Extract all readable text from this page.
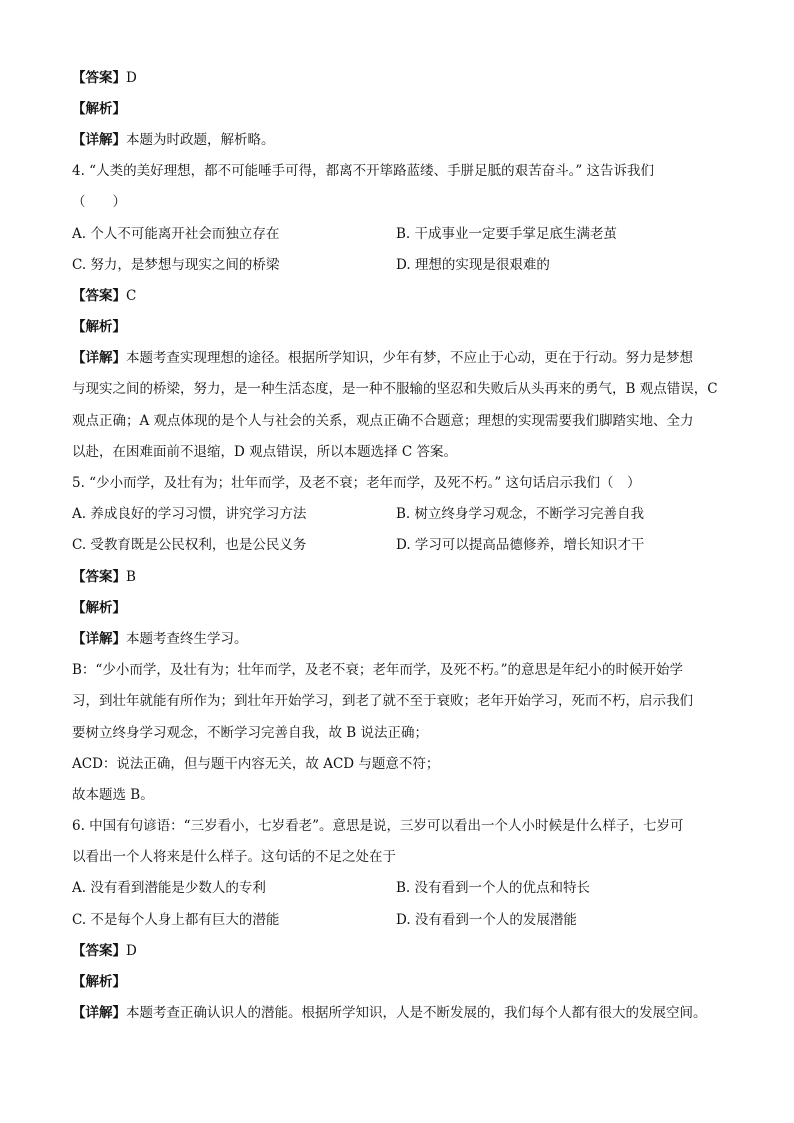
【答案】D

【解析】

【详解】本题为时政题，解析略。

4. “人类的美好理想，都不可能唾手可得，都离不开筚路蓝缕、手胼足胝的艰苦奋斗。” 这告诉我们

（　　）

A. 个人不可能离开社会而独立存在	B. 干成事业一定要手掌足底生满老茧

C. 努力，是梦想与现实之间的桥梁	D. 理想的实现是很艰难的

【答案】C

【解析】

【详解】本题考查实现理想的途径。根据所学知识，少年有梦，不应止于心动，更在于行动。努力是梦想

与现实之间的桥梁，努力，是一种生活态度，是一种不服输的坚忍和失败后从头再来的勇气，B 观点错误，C

观点正确；A 观点体现的是个人与社会的关系，观点正确不合题意；理想的实现需要我们脚踏实地、全力

以赴，在困难面前不退缩，D 观点错误，所以本题选择 C 答案。

5. “少小而学，及壮有为；壮年而学，及老不衰；老年而学，及死不朽。” 这句话启示我们（　）

A. 养成良好的学习习惯，讲究学习方法	B. 树立终身学习观念，不断学习完善自我

C. 受教育既是公民权利，也是公民义务	D. 学习可以提高品德修养，增长知识才干

【答案】B

【解析】

【详解】本题考查终生学习。

B：“少小而学，及壮有为；壮年而学，及老不衰；老年而学，及死不朽。”的意思是年纪小的时候开始学

习，到壮年就能有所作为；到壮年开始学习，到老了就不至于衰败；老年开始学习，死而不朽，启示我们

要树立终身学习观念，不断学习完善自我，故 B 说法正确；

ACD：说法正确，但与题干内容无关，故 ACD 与题意不符；

故本题选 B。

6. 中国有句谚语：“三岁看小，七岁看老”。意思是说，三岁可以看出一个人小时候是什么样子，七岁可

以看出一个人将来是什么样子。这句话的不足之处在于

A. 没有看到潜能是少数人的专利	B. 没有看到一个人的优点和特长

C. 不是每个人身上都有巨大的潜能	D. 没有看到一个人的发展潜能

【答案】D

【解析】

【详解】本题考查正确认识人的潜能。根据所学知识，人是不断发展的，我们每个人都有很大的发展空间。
